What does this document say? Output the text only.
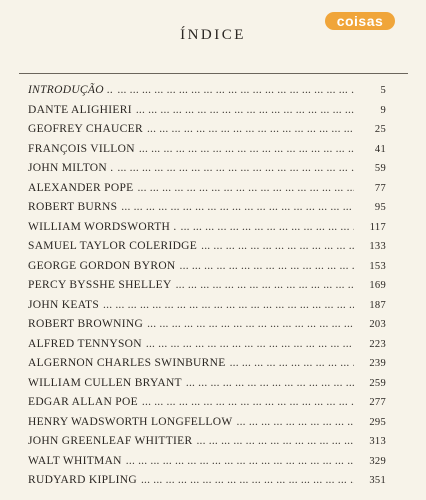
ÍNDICE
coisas
INTRODUÇÃO .. ... .	5
DANTE ALIGHIERI ... .	9
GEOFREY CHAUCER ... .	25
FRANÇOIS VILLON ... .	41
JOHN MILTON . ... .	59
ALEXANDER POPE ... .	77
ROBERT BURNS ... .	95
WILLIAM WORDSWORTH . ... .	117
SAMUEL TAYLOR COLERIDGE ... .	133
GEORGE GORDON BYRON ... .	153
PERCY BYSSHE SHELLEY ... .	169
JOHN KEATS ... .	187
ROBERT BROWNING ... .	203
ALFRED TENNYSON ... .	223
ALGERNON CHARLES SWINBURNE ... .	239
WILLIAM CULLEN BRYANT ... .	259
EDGAR ALLAN POE ... .	277
HENRY WADSWORTH LONGFELLOW ... .	295
JOHN GREENLEAF WHITTIER ... .	313
WALT WHITMAN ... .	329
RUDYARD KIPLING ... .	351
